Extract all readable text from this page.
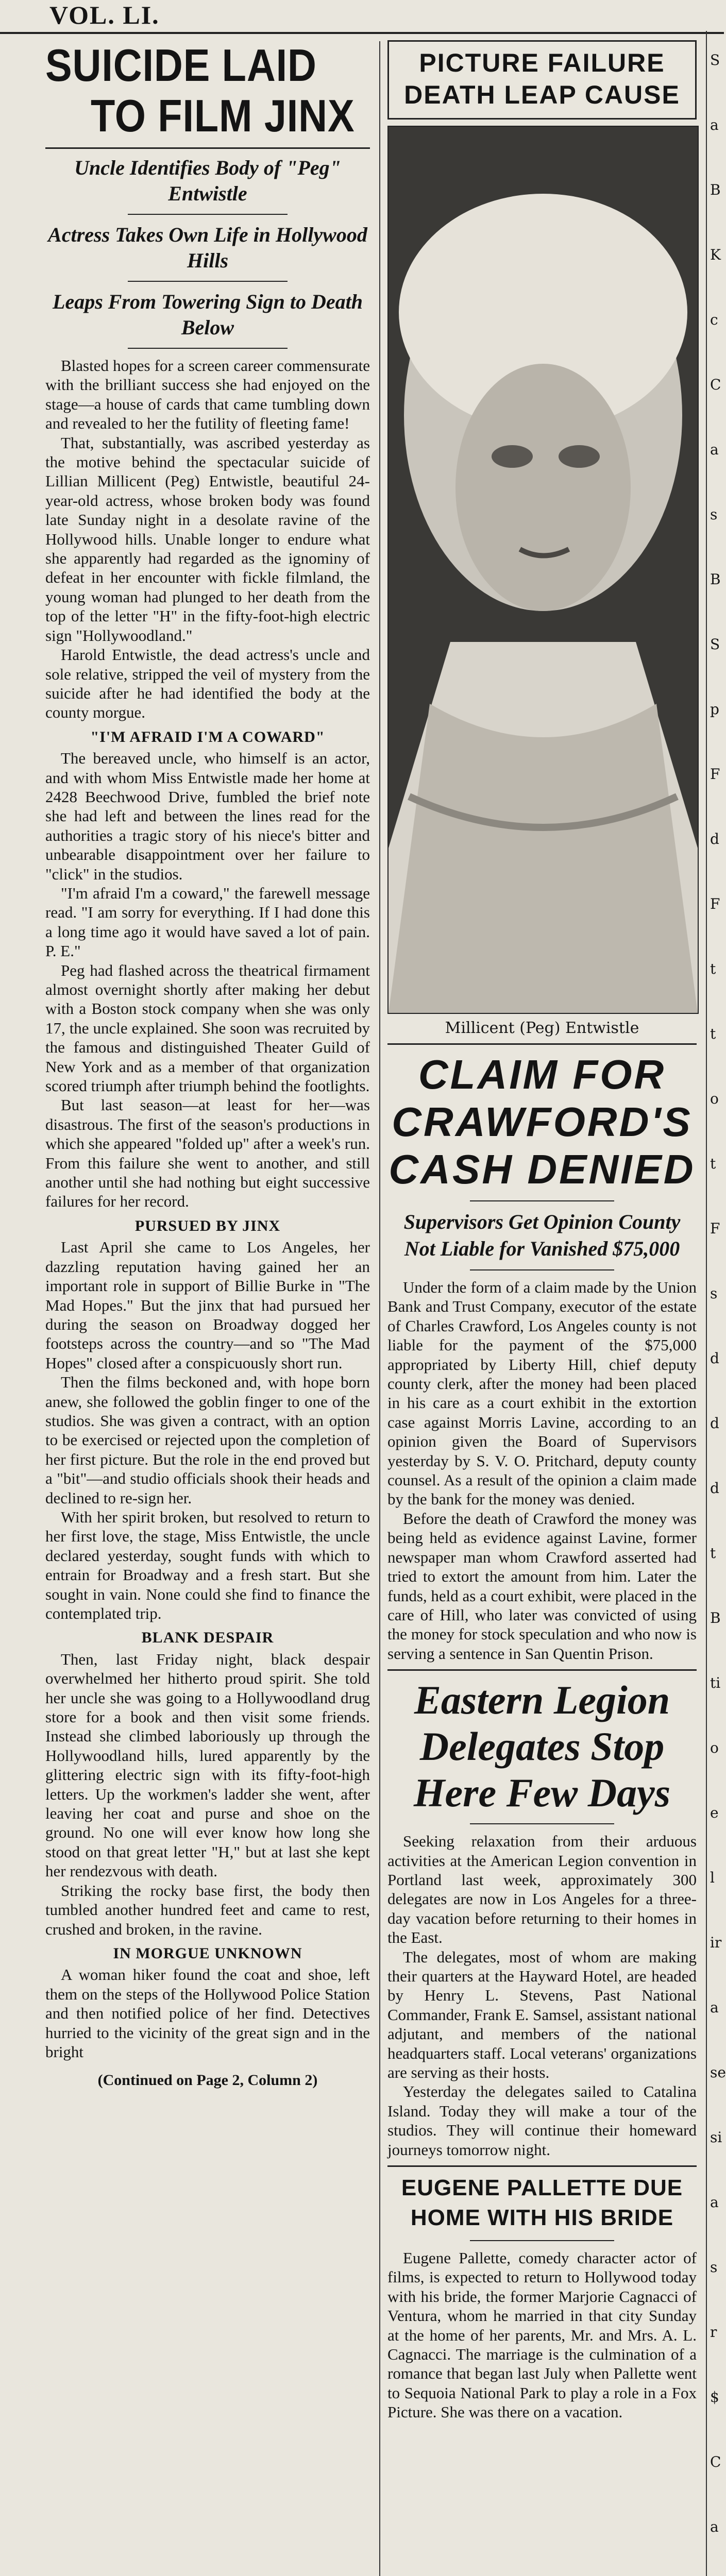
VOL. LI.
SUICIDE LAID
TO FILM JINX
Uncle Identifies Body of "Peg" Entwistle
Actress Takes Own Life in Hollywood Hills
Leaps From Towering Sign to Death Below

Blasted hopes for a screen career commensurate with the brilliant success she had enjoyed on the stage—a house of cards that came tumbling down and revealed to her the futility of fleeting fame!

That, substantially, was ascribed yesterday as the motive behind the spectacular suicide of Lillian Millicent (Peg) Entwistle, beautiful 24-year-old actress, whose broken body was found late Sunday night in a desolate ravine of the Hollywood hills. Unable longer to endure what she apparently had regarded as the ignominy of defeat in her encounter with fickle filmland, the young woman had plunged to her death from the top of the letter "H" in the fifty-foot-high electric sign "Hollywoodland."

Harold Entwistle, the dead actress's uncle and sole relative, stripped the veil of mystery from the suicide after he had identified the body at the county morgue.

"I'M AFRAID I'M A COWARD"

The bereaved uncle, who himself is an actor, and with whom Miss Entwistle made her home at 2428 Beechwood Drive, fumbled the brief note she had left and between the lines read for the authorities a tragic story of his niece's bitter and unbearable disappointment over her failure to "click" in the studios.

"I'm afraid I'm a coward," the farewell message read. "I am sorry for everything. If I had done this a long time ago it would have saved a lot of pain. P. E."

Peg had flashed across the theatrical firmament almost overnight shortly after making her debut with a Boston stock company when she was only 17, the uncle explained. She soon was recruited by the famous and distinguished Theater Guild of New York and as a member of that organization scored triumph after triumph behind the footlights.

But last season—at least for her—was disastrous. The first of the season's productions in which she appeared "folded up" after a week's run. From this failure she went to another, and still another until she had nothing but eight successive failures for her record.

PURSUED BY JINX

Last April she came to Los Angeles, her dazzling reputation having gained her an important role in support of Billie Burke in "The Mad Hopes." But the jinx that had pursued her during the season on Broadway dogged her footsteps across the country—and so "The Mad Hopes" closed after a conspicuously short run.

Then the films beckoned and, with hope born anew, she followed the goblin finger to one of the studios. She was given a contract, with an option to be exercised or rejected upon the completion of her first picture. But the role in the end proved but a "bit"—and studio officials shook their heads and declined to re-sign her.

With her spirit broken, but resolved to return to her first love, the stage, Miss Entwistle, the uncle declared yesterday, sought funds with which to entrain for Broadway and a fresh start. But she sought in vain. None could she find to finance the contemplated trip.

BLANK DESPAIR

Then, last Friday night, black despair overwhelmed her hitherto proud spirit. She told her uncle she was going to a Hollywoodland drug store for a book and then visit some friends. Instead she climbed laboriously up through the Hollywoodland hills, lured apparently by the glittering electric sign with its fifty-foot-high letters. Up the workmen's ladder she went, after leaving her coat and purse and shoe on the ground. No one will ever know how long she stood on that great letter "H," but at last she kept her rendezvous with death.

Striking the rocky base first, the body then tumbled another hundred feet and came to rest, crushed and broken, in the ravine.

IN MORGUE UNKNOWN

A woman hiker found the coat and shoe, left them on the steps of the Hollywood Police Station and then notified police of her find. Detectives hurried to the vicinity of the great sign and in the bright

(Continued on Page 2, Column 2)
PICTURE FAILURE DEATH LEAP CAUSE
Millicent (Peg) Entwistle
CLAIM FOR CRAWFORD'S CASH DENIED
Supervisors Get Opinion County Not Liable for Vanished $75,000

Under the form of a claim made by the Union Bank and Trust Company, executor of the estate of Charles Crawford, Los Angeles county is not liable for the payment of the $75,000 appropriated by Liberty Hill, chief deputy county clerk, after the money had been placed in his care as a court exhibit in the extortion case against Morris Lavine, according to an opinion given the Board of Supervisors yesterday by S. V. O. Pritchard, deputy county counsel. As a result of the opinion a claim made by the bank for the money was denied.

Before the death of Crawford the money was being held as evidence against Lavine, former newspaper man whom Crawford asserted had tried to extort the amount from him. Later the funds, held as a court exhibit, were placed in the care of Hill, who later was convicted of using the money for stock speculation and who now is serving a sentence in San Quentin Prison.

Eastern Legion Delegates Stop Here Few Days

Seeking relaxation from their arduous activities at the American Legion convention in Portland last week, approximately 300 delegates are now in Los Angeles for a three-day vacation before returning to their homes in the East.

The delegates, most of whom are making their quarters at the Hayward Hotel, are headed by Henry L. Stevens, Past National Commander, Frank E. Samsel, assistant national adjutant, and members of the national headquarters staff. Local veterans' organizations are serving as their hosts.

Yesterday the delegates sailed to Catalina Island. Today they will make a tour of the studios. They will continue their homeward journeys tomorrow night.

EUGENE PALLETTE DUE HOME WITH HIS BRIDE

Eugene Pallette, comedy character actor of films, is expected to return to Hollywood today with his bride, the former Marjorie Cagnacci of Ventura, whom he married in that city Sunday at the home of her parents, Mr. and Mrs. A. L. Cagnacci. The marriage is the culmination of a romance that began last July when Pallette went to Sequoia National Park to play a role in a Fox Picture. She was there on a vacation.

S
a
B
K
c
C
a
s
B
S
p
F
d
F
t
t
o
t
F
s
d
d
d
t
B
ti
o
e
l
ir
a
se
si
a
s
r
$
C
a
